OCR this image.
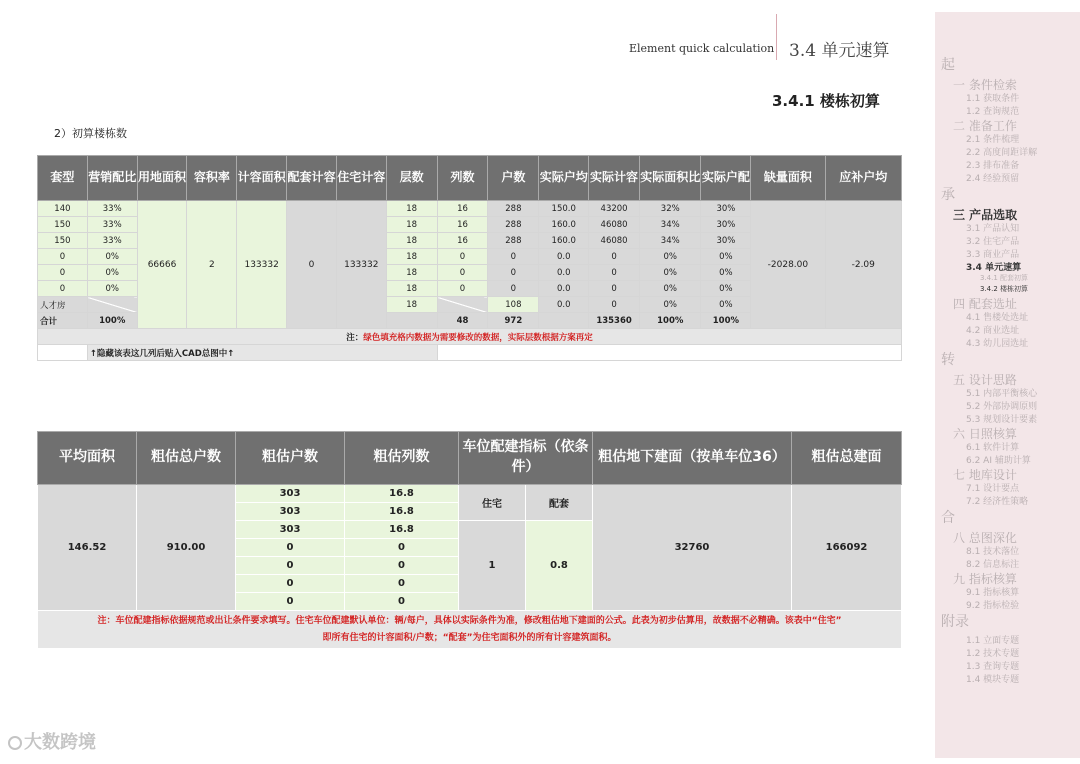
Element quick calculation 3.4 单元速算
3.4.1 楼栋初算
2）初算楼栋数
套型	营销配比	用地面积	容积率	计容面积	配套计容	住宅计容	层数	列数	户数	实际户均	实际计容	实际面积比	实际户配	缺量面积	应补户均
140	33%	66666	2	133332	0	133332	18	16	288	150.0	43200	32%	30%	-2028.00	-2.09
150	33%						18	16	288	160.0	46080	34%	30%		
150	33%						18	16	288	160.0	46080	34%	30%		
0	0%						18	0	0	0.0	0	0%	0%		
0	0%						18	0	0	0.0	0	0%	0%		
0	0%						18	0	0	0.0	0	0%	0%		
人才房							18		108	0.0	0	0%	0%		
合计	100%							48	972		135360	100%	100%		
注：绿色填充格内数据为需要修改的数据，实际层数根据方案再定															
	↑隐藏该表这几列后贴入CAD总图中↑														
平均面积	粗估总户数	粗估户数	粗估列数	车位配建指标（依条件）		粗估地下建面（按单车位36）	粗估总建面
146.52	910.00	303	16.8	住宅	配套	32760	166092
		303	16.8				
		303	16.8	1	0.8		
		0	0				
		0	0				
		0	0				
		0	0				

注：车位配建指标依据规范或出让条件要求填写。住宅车位配建默认单位：辆/每户，具体以实际条件为准，修改粗估地下建面的公式。此表为初步估算用，故数据不必精确。该表中“住宅”
即所有住宅的计容面积/户数；“配套”为住宅面积外的所有计容建筑面积。							
起
一 条件检索
1.1 获取条件
1.2 查询规范
二 准备工作
2.1 条件梳理
2.2 高度间距详解
2.3 排布准备
2.4 经验预留
承
三 产品选取
3.1 产品认知
3.2 住宅产品
3.3 商业产品
3.4 单元速算
3.4.1 配套初算
3.4.2 楼栋初算
四 配套选址
4.1 售楼处选址
4.2 商业选址
4.3 幼儿园选址
转
五 设计思路
5.1 内部平衡核心
5.2 外部协调原则
5.3 规划设计要素
六 日照核算
6.1 软件计算
6.2 AI 辅助计算
七 地库设计
7.1 设计要点
7.2 经济性策略
合
八 总图深化
8.1 技术落位
8.2 信息标注
九 指标核算
9.1 指标核算
9.2 指标检验
附录
1.1 立面专题
1.2 技术专题
1.3 查询专题
1.4 模块专题
大数跨境
